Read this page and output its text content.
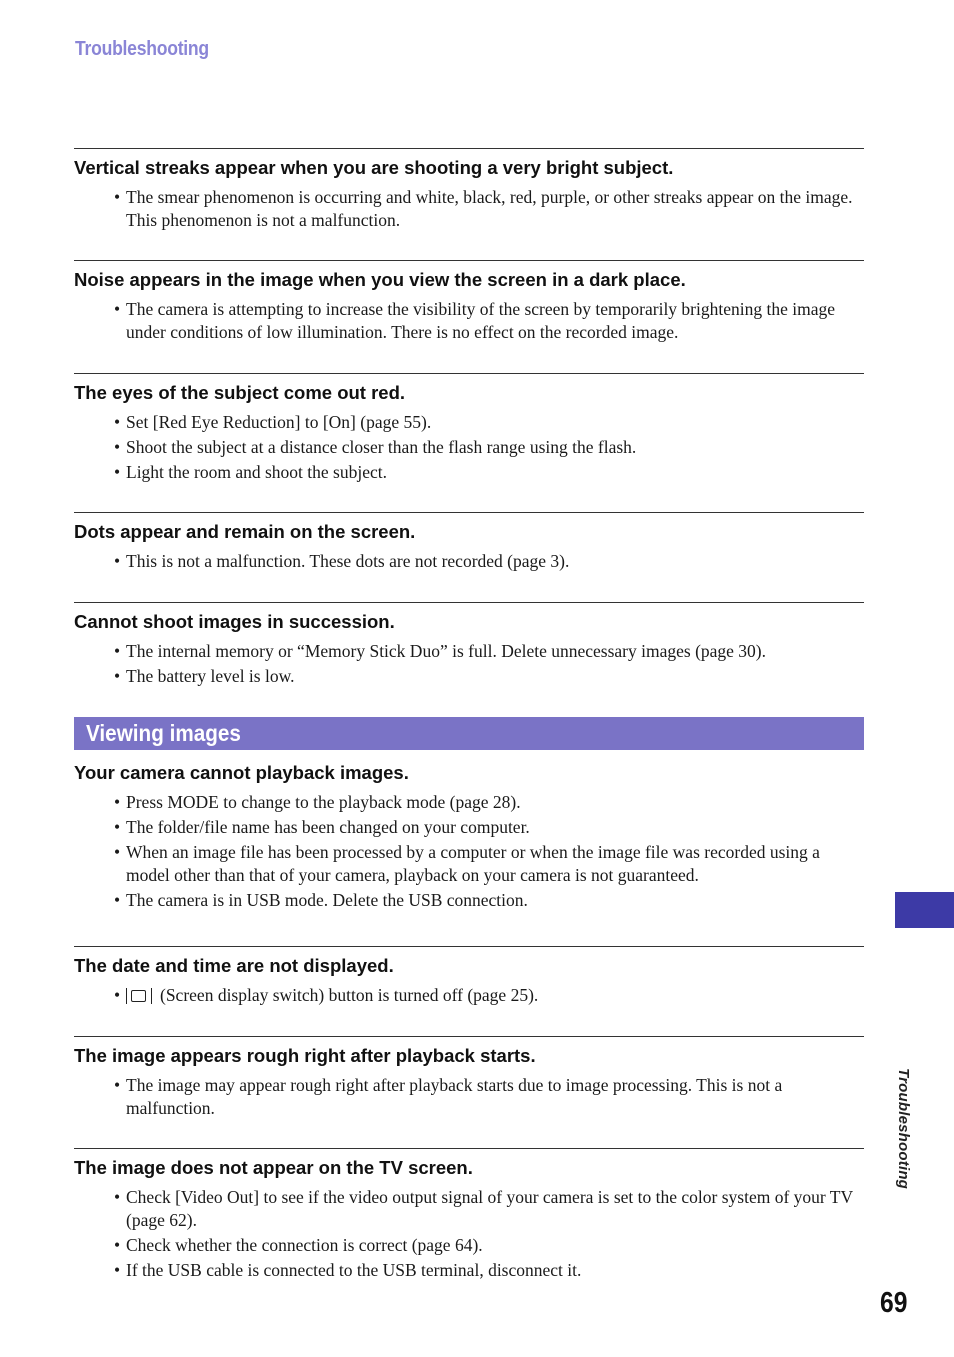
Troubleshooting
Vertical streaks appear when you are shooting a very bright subject.
• The smear phenomenon is occurring and white, black, red, purple, or other streaks appear on the image. This phenomenon is not a malfunction.
Noise appears in the image when you view the screen in a dark place.
• The camera is attempting to increase the visibility of the screen by temporarily brightening the image under conditions of low illumination. There is no effect on the recorded image.
The eyes of the subject come out red.
• Set [Red Eye Reduction] to [On] (page 55).
• Shoot the subject at a distance closer than the flash range using the flash.
• Light the room and shoot the subject.
Dots appear and remain on the screen.
• This is not a malfunction. These dots are not recorded (page 3).
Cannot shoot images in succession.
• The internal memory or “Memory Stick Duo” is full. Delete unnecessary images (page 30).
• The battery level is low.
Viewing images
Your camera cannot playback images.
• Press MODE to change to the playback mode (page 28).
• The folder/file name has been changed on your computer.
• When an image file has been processed by a computer or when the image file was recorded using a model other than that of your camera, playback on your camera is not guaranteed.
• The camera is in USB mode. Delete the USB connection.
The date and time are not displayed.
• (Screen display switch) button is turned off (page 25).
The image appears rough right after playback starts.
• The image may appear rough right after playback starts due to image processing. This is not a malfunction.
The image does not appear on the TV screen.
• Check [Video Out] to see if the video output signal of your camera is set to the color system of your TV (page 62).
• Check whether the connection is correct (page 64).
• If the USB cable is connected to the USB terminal, disconnect it.
Troubleshooting
69
